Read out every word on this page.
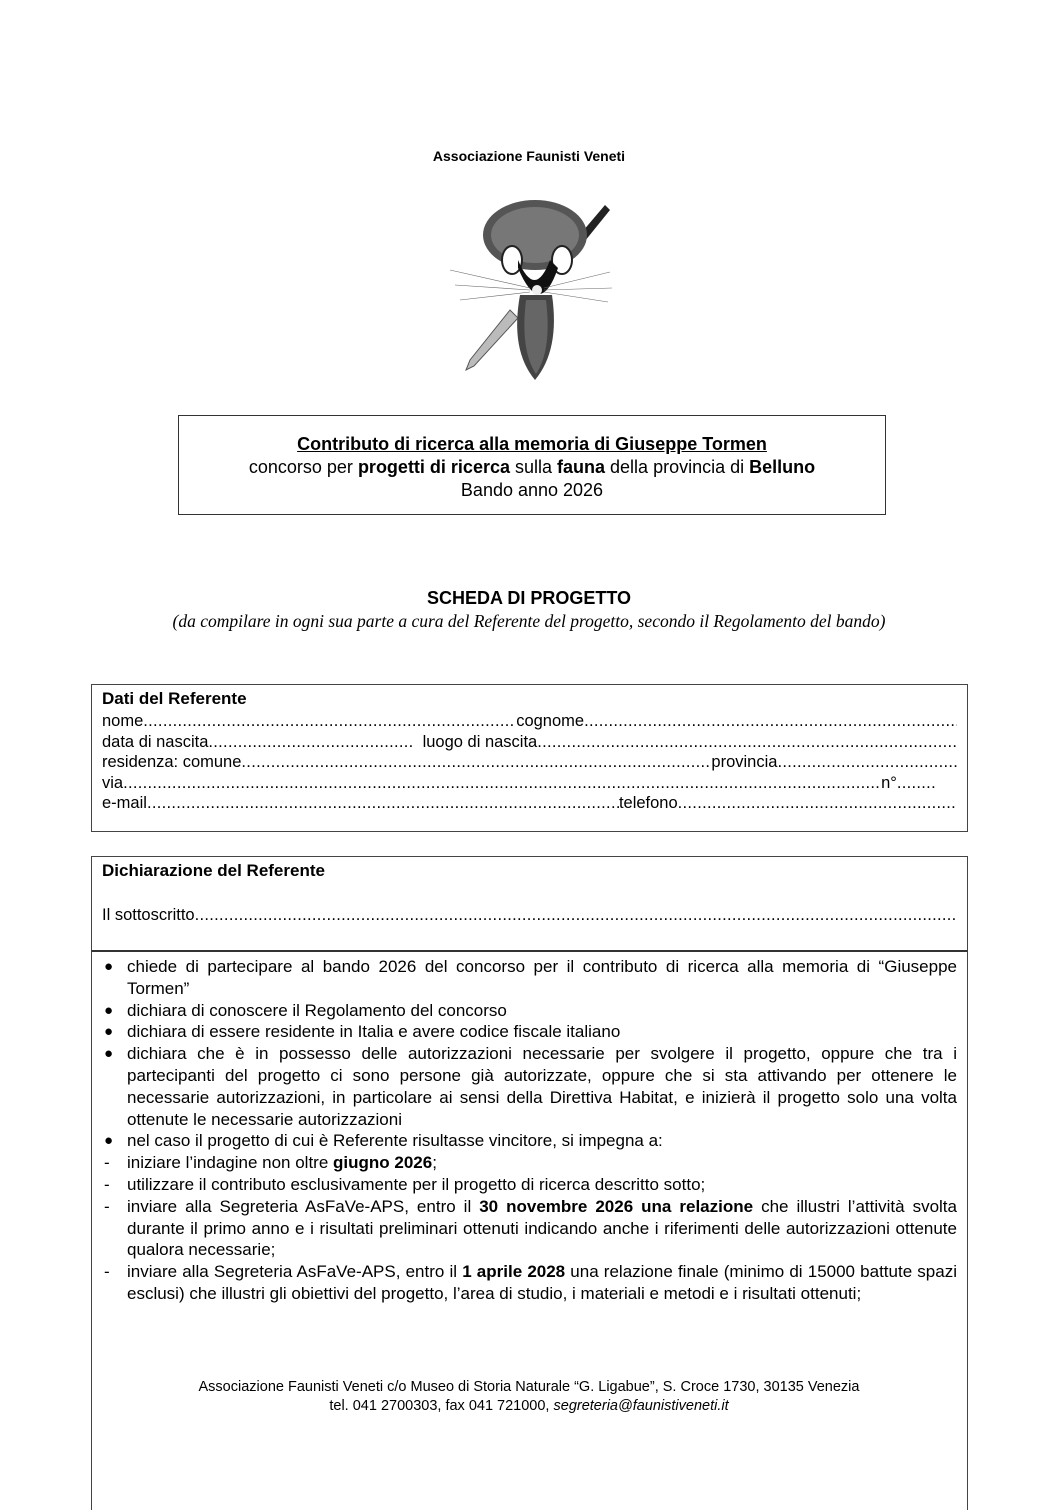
Associazione Faunisti Veneti
Contributo di ricerca alla memoria di Giuseppe Tormen
concorso per progetti di ricerca sulla fauna della provincia di Belluno
Bando anno 2026
SCHEDA DI PROGETTO
(da compilare in ogni sua parte a cura del Referente del progetto, secondo il Regolamento del bando)
Dati del Referente
nome .....	cognome
.....
data di nascita .....	luogo di nascita
.....
residenza: comune .....	provincia
.....
via .....	n°
.....
e-mail .....	telefono
.....
Dichiarazione del Referente
Il sottoscritto
.....
● chiede di partecipare al bando 2026 del concorso per il contributo di ricerca alla memoria di “Giuseppe Tormen”
● dichiara di conoscere il Regolamento del concorso
● dichiara di essere residente in Italia e avere codice fiscale italiano
● dichiara che è in possesso delle autorizzazioni necessarie per svolgere il progetto, oppure che tra i partecipanti del progetto ci sono persone già autorizzate, oppure che si sta attivando per ottenere le necessarie autorizzazioni, in particolare ai sensi della Direttiva Habitat, e inizierà il progetto solo una volta ottenute le necessarie autorizzazioni
● nel caso il progetto di cui è Referente risultasse vincitore, si impegna a:
-	iniziare l’indagine non oltre giugno 2026;
-	utilizzare il contributo esclusivamente per il progetto di ricerca descritto sotto;
-	inviare alla Segreteria AsFaVe-APS, entro il 30 novembre 2026 una relazione che illustri l’attività svolta durante il primo anno e i risultati preliminari ottenuti indicando anche i riferimenti delle autorizzazioni ottenute qualora necessarie;
-	inviare alla Segreteria AsFaVe-APS, entro il 1 aprile 2028 una relazione finale (minimo di 15000 battute spazi esclusi) che illustri gli obiettivi del progetto, l’area di studio, i materiali e metodi e i risultati ottenuti;
Associazione Faunisti Veneti c/o Museo di Storia Naturale “G. Ligabue”, S. Croce 1730, 30135 Venezia
tel. 041 2700303, fax 041 721000, segreteria@faunistiveneti.it
